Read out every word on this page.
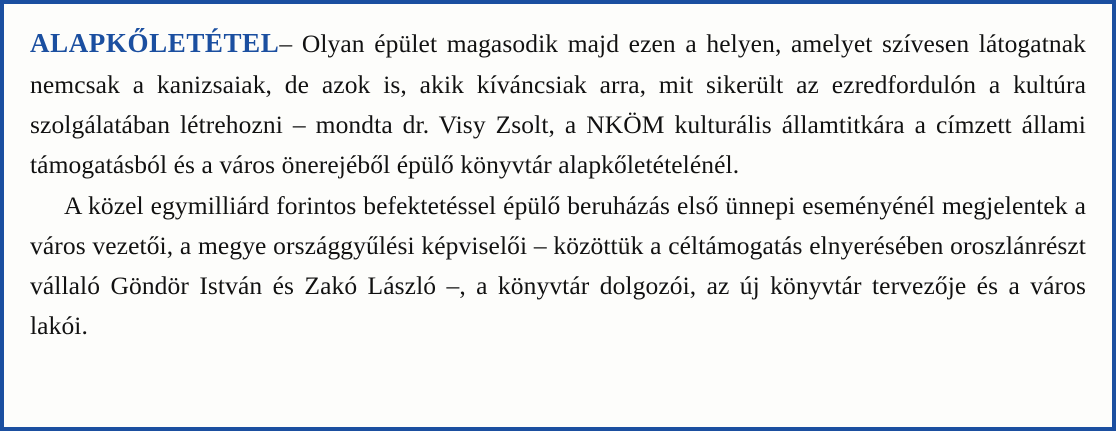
ALAPKŐLETÉTEL– Olyan épület magasodik majd ezen a helyen, amelyet szívesen látogatnak nemcsak a kanizsaiak, de azok is, akik kíváncsiak arra, mit sikerült az ezredfordulón a kultúra szolgálatában létrehozni – mondta dr. Visy Zsolt, a NKÖM kulturális államtitkára a címzett állami támogatásból és a város önerejéből épülő könyvtár alapkőletételénél.

A közel egymilliárd forintos befektetéssel épülő beruházás első ünnepi eseményénél megjelentek a város vezetői, a megye országgyűlési képviselői – közöttük a céltámogatás elnyerésében oroszlánrészt vállaló Göndör István és Zakó László –, a könyvtár dolgozói, az új könyvtár tervezője és a város lakói.
